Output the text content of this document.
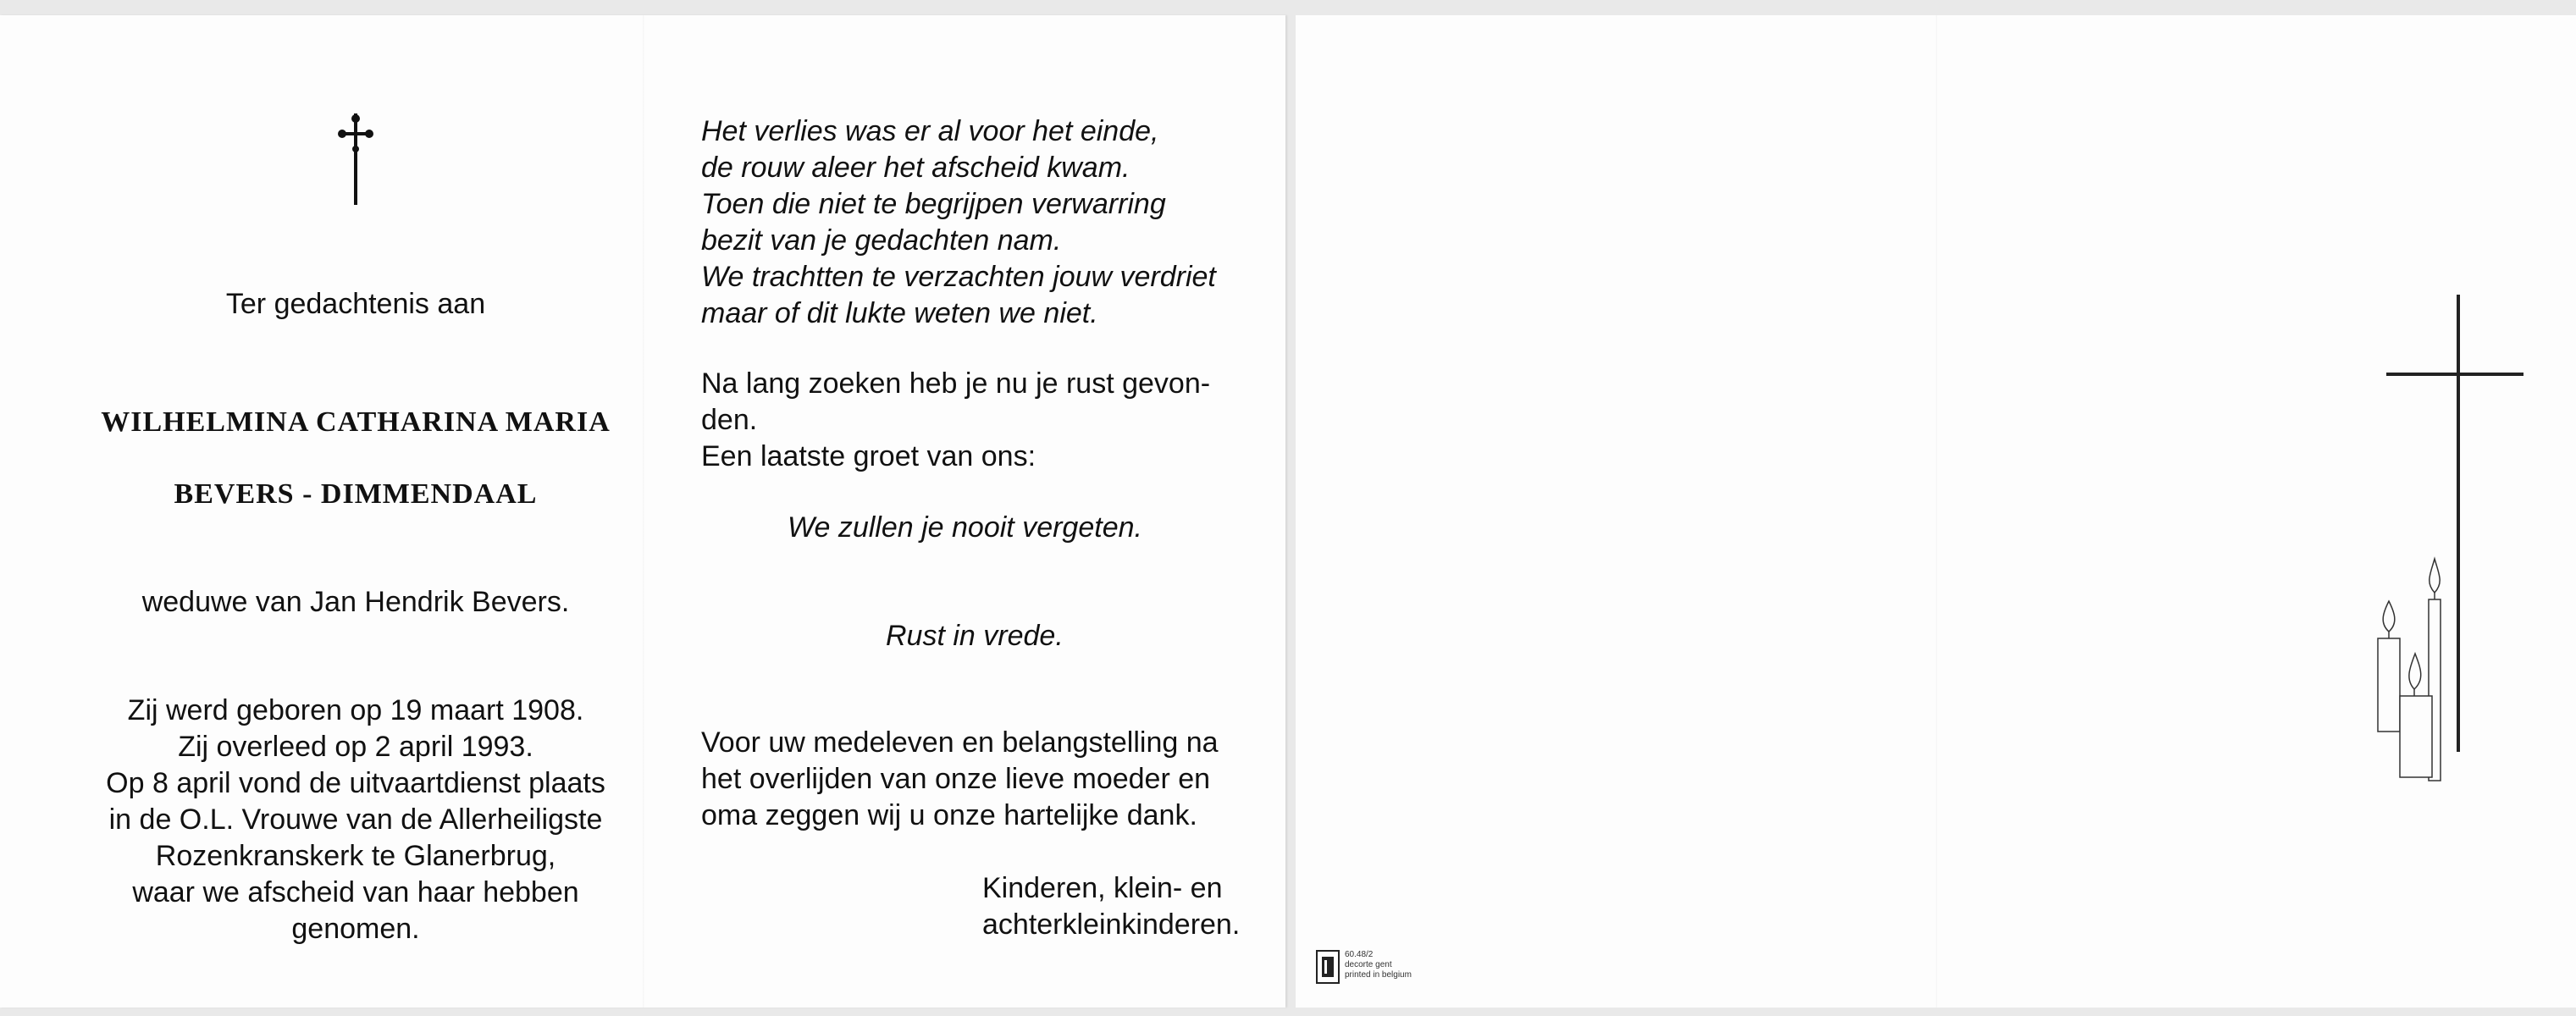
Ter gedachtenis aan
WILHELMINA CATHARINA MARIA
BEVERS - DIMMENDAAL
weduwe van Jan Hendrik Bevers.
Zij werd geboren op 19 maart 1908.
Zij overleed op 2 april 1993.
Op 8 april vond de uitvaartdienst plaats
in de O.L. Vrouwe van de Allerheiligste
Rozenkranskerk te Glanerbrug,
waar we afscheid van haar hebben
genomen.
Het verlies was er al voor het einde,
de rouw aleer het afscheid kwam.
Toen die niet te begrijpen verwarring
bezit van je gedachten nam.
We trachtten te verzachten jouw verdriet
maar of dit lukte weten we niet.
Na lang zoeken heb je nu je rust gevon-
den.
Een laatste groet van ons:
We zullen je nooit vergeten.
Rust in vrede.
Voor uw medeleven en belangstelling na
het overlijden van onze lieve moeder en
oma zeggen wij u onze hartelijke dank.
Kinderen, klein- en
achterkleinkinderen.
60.48/2
decorte gent
printed in belgium
